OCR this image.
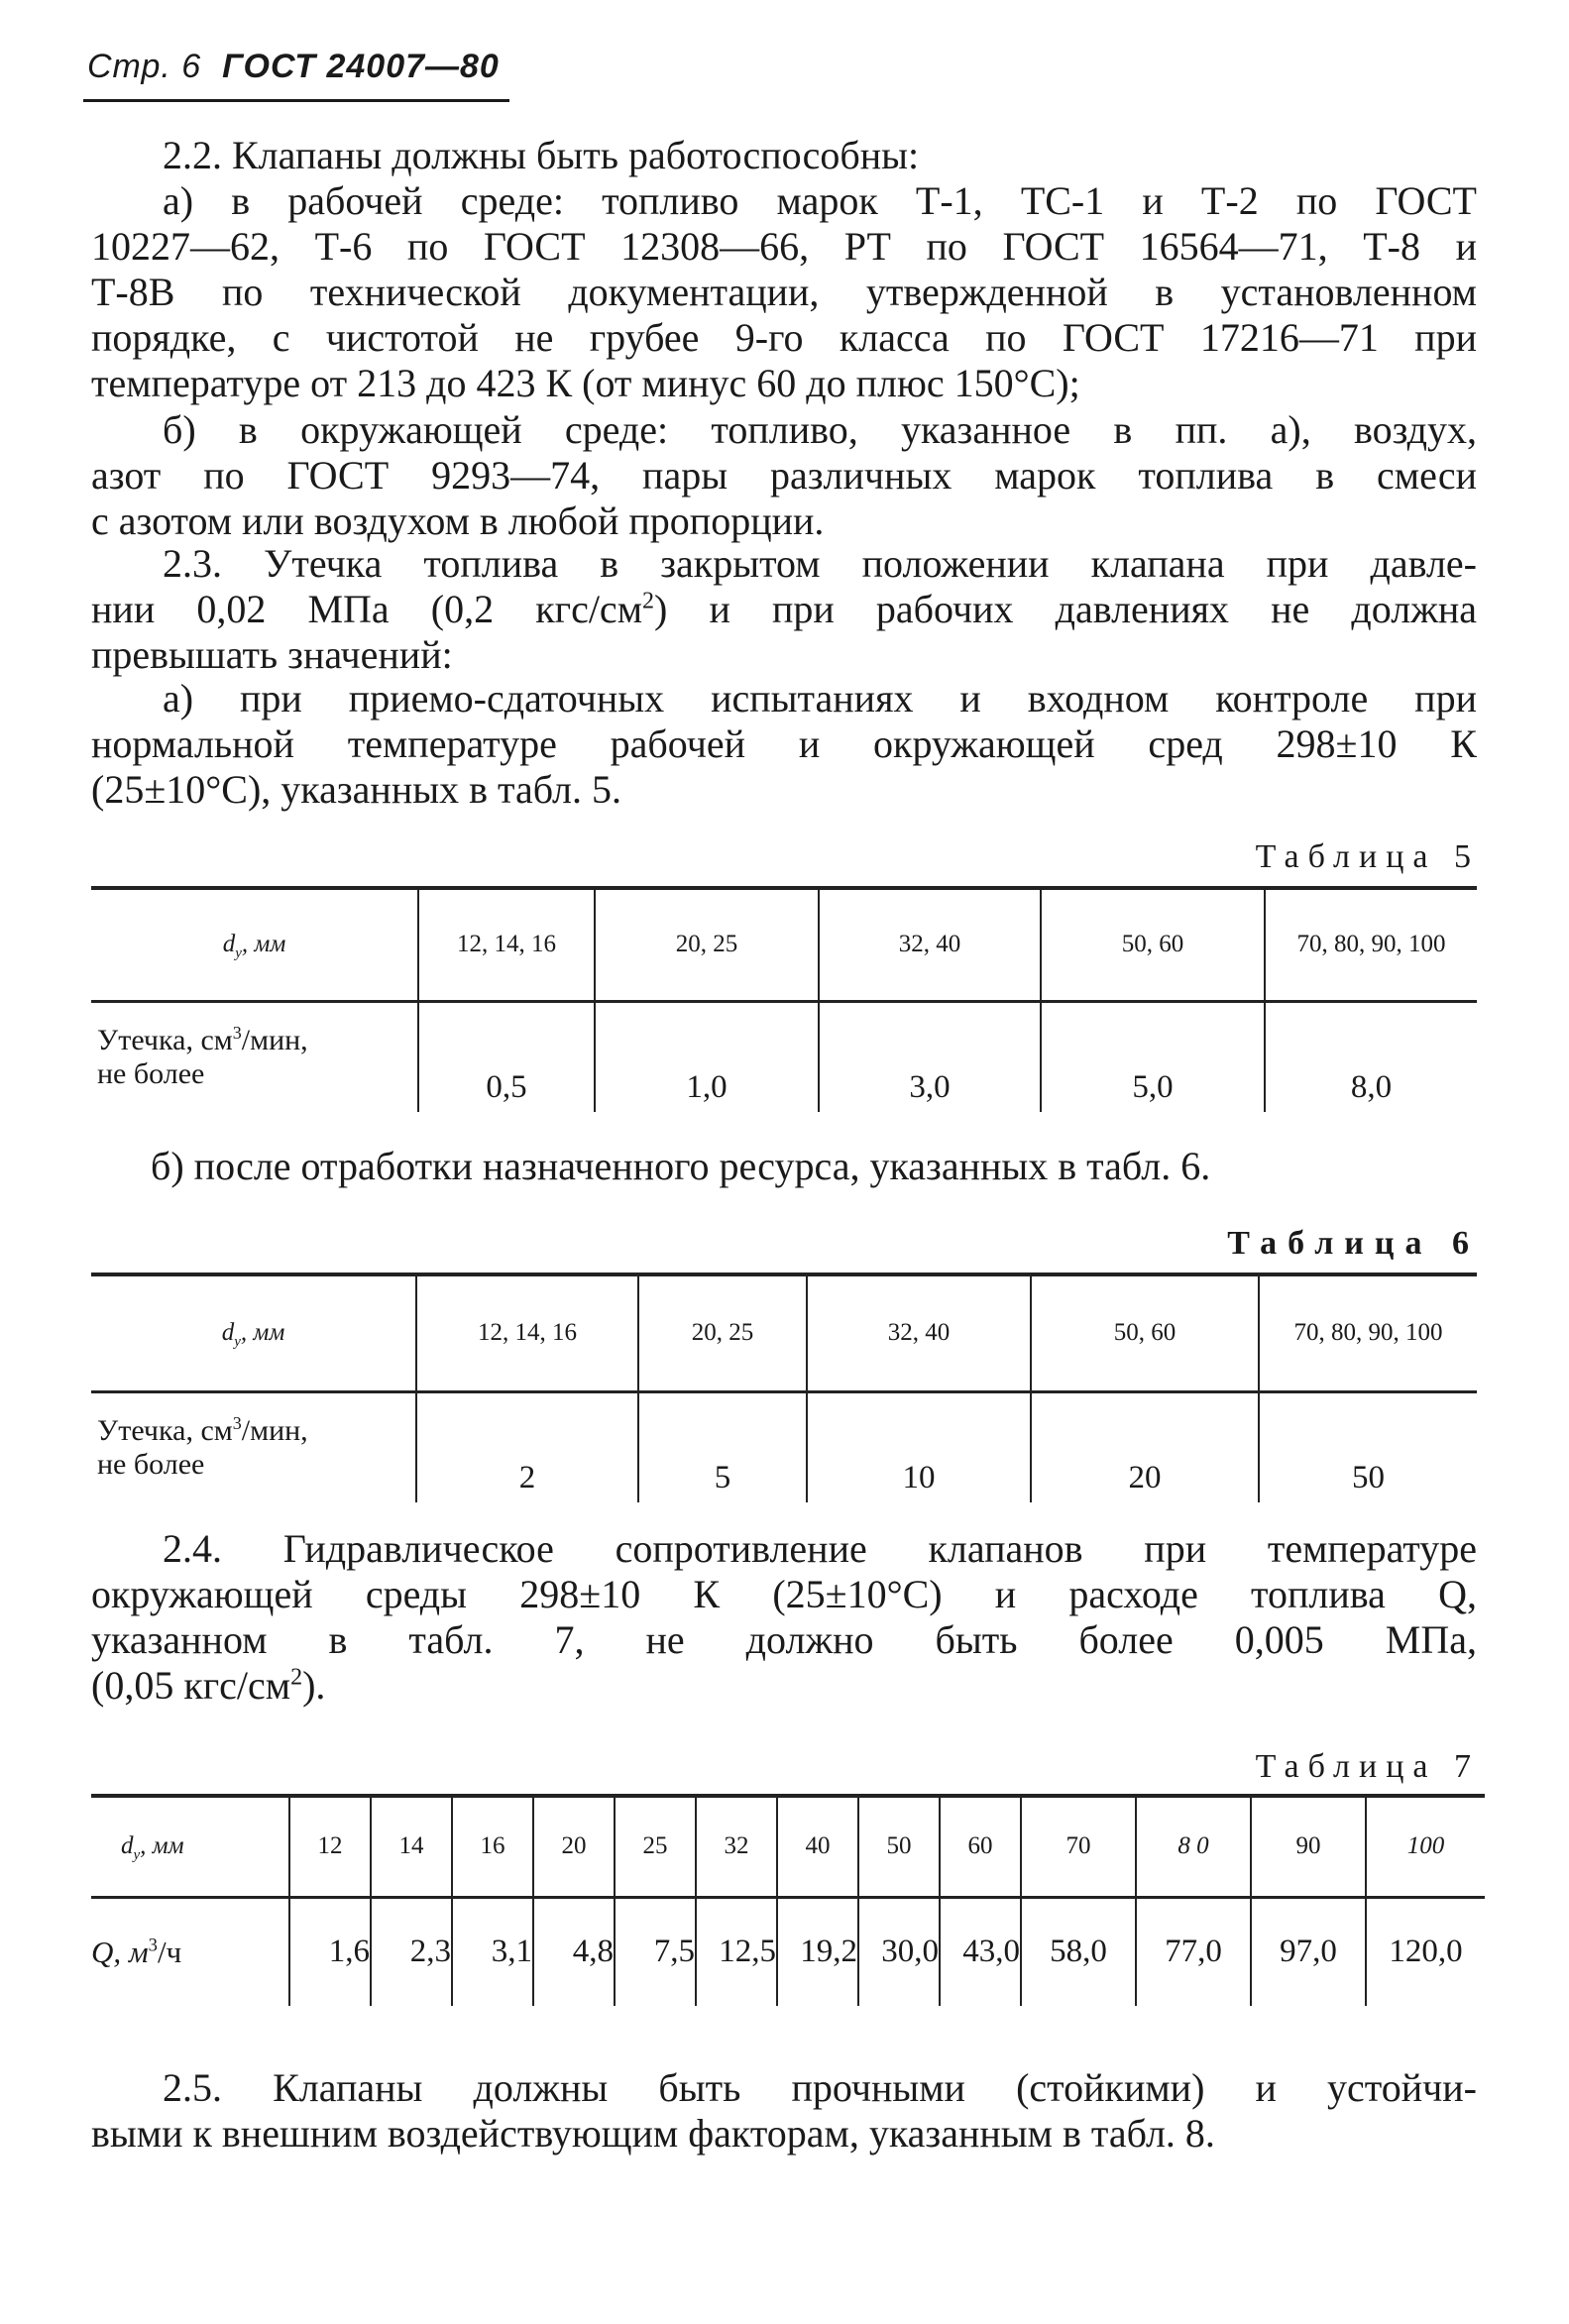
Стр. 6 ГОСТ 24007—80
2.2. Клапаны должны быть работоспособны:
а) в рабочей среде: топливо марок Т-1, ТС-1 и Т-2 по ГОСТ
10227—62, Т-6 по ГОСТ 12308—66, РТ по ГОСТ 16564—71, Т-8 и
Т-8В по технической документации, утвержденной в установленном
порядке, с чистотой не грубее 9-го класса по ГОСТ 17216—71 при
температуре от 213 до 423 К (от минус 60 до плюс 150°С);
б) в окружающей среде: топливо, указанное в пп. а), воздух,
азот по ГОСТ 9293—74, пары различных марок топлива в смеси
с азотом или воздухом в любой пропорции.
2.3. Утечка топлива в закрытом положении клапана при давле-
нии 0,02 МПа (0,2 кгс/$см^2$) и при рабочих давлениях не должна
превышать значений:
а) при приемо-сдаточных испытаниях и входном контроле при
нормальной температуре рабочей и окружающей сред 298±10 К
(25±10°С), указанных в табл. 5.
Таблица 5
$d_у$, мм	12, 14, 16	20, 25	32, 40	50, 60	70, 80, 90, 100

Утечка, $см^3$/мин,
не более	0,5	1,0	3,0	5,0	8,0
б) после отработки назначенного ресурса, указанных в табл. 6.
Таблица 6
$d_у$, мм	12, 14, 16	20, 25	32, 40	50, 60	70, 80, 90, 100

Утечка, $см^3$/мин,
не более	2	5	10	20	50
2.4. Гидравлическое сопротивление клапанов при температуре
окружающей среды 298±10 К (25±10°С) и расходе топлива Q,
указанном в табл. 7, не должно быть более 0,005 МПа,
(0,05 кгс/$см^2$).
Таблица 7
$d_у$, мм	12	14	16	20	25	32	40	50	60	70	8 0	90	100
Q, $м^3/ч$	1,6	2,3	3,1	4,8	7,5	12,5	19,2	30,0	43,0	58,0	77,0	97,0	120,0
2.5. Клапаны должны быть прочными (стойкими) и устойчи-
выми к внешним воздействующим факторам, указанным в табл. 8.
